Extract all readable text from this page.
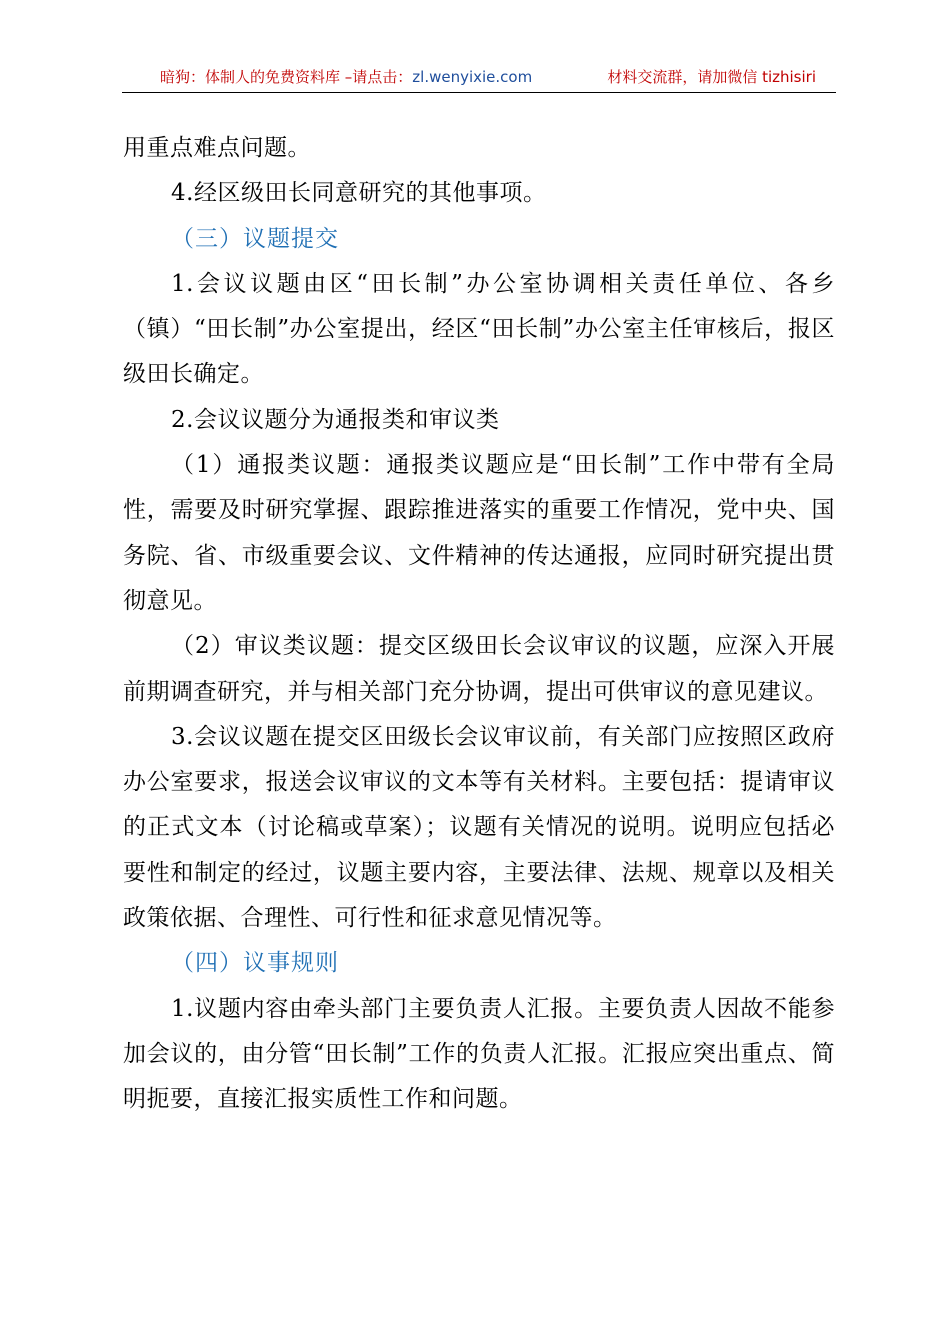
暗狗：体制人的免费资料库 –请点击：zl.wenyixie.com	材料交流群，请加微信 tizhisiri

用重点难点问题。

4.经区级田长同意研究的其他事项。

（三）议题提交

1.会议议题由区“田长制”办公室协调相关责任单位、各乡（镇）“田长制”办公室提出，经区“田长制”办公室主任审核后，报区级田长确定。

2.会议议题分为通报类和审议类

（1）通报类议题：通报类议题应是“田长制”工作中带有全局性，需要及时研究掌握、跟踪推进落实的重要工作情况，党中央、国务院、省、市级重要会议、文件精神的传达通报，应同时研究提出贯彻意见。

（2）审议类议题：提交区级田长会议审议的议题，应深入开展前期调查研究，并与相关部门充分协调，提出可供审议的意见建议。

3.会议议题在提交区田级长会议审议前，有关部门应按照区政府办公室要求，报送会议审议的文本等有关材料。主要包括：提请审议的正式文本（讨论稿或草案）；议题有关情况的说明。说明应包括必要性和制定的经过，议题主要内容，主要法律、法规、规章以及相关政策依据、合理性、可行性和征求意见情况等。

（四）议事规则

1.议题内容由牵头部门主要负责人汇报。主要负责人因故不能参加会议的，由分管“田长制”工作的负责人汇报。汇报应突出重点、简明扼要，直接汇报实质性工作和问题。
